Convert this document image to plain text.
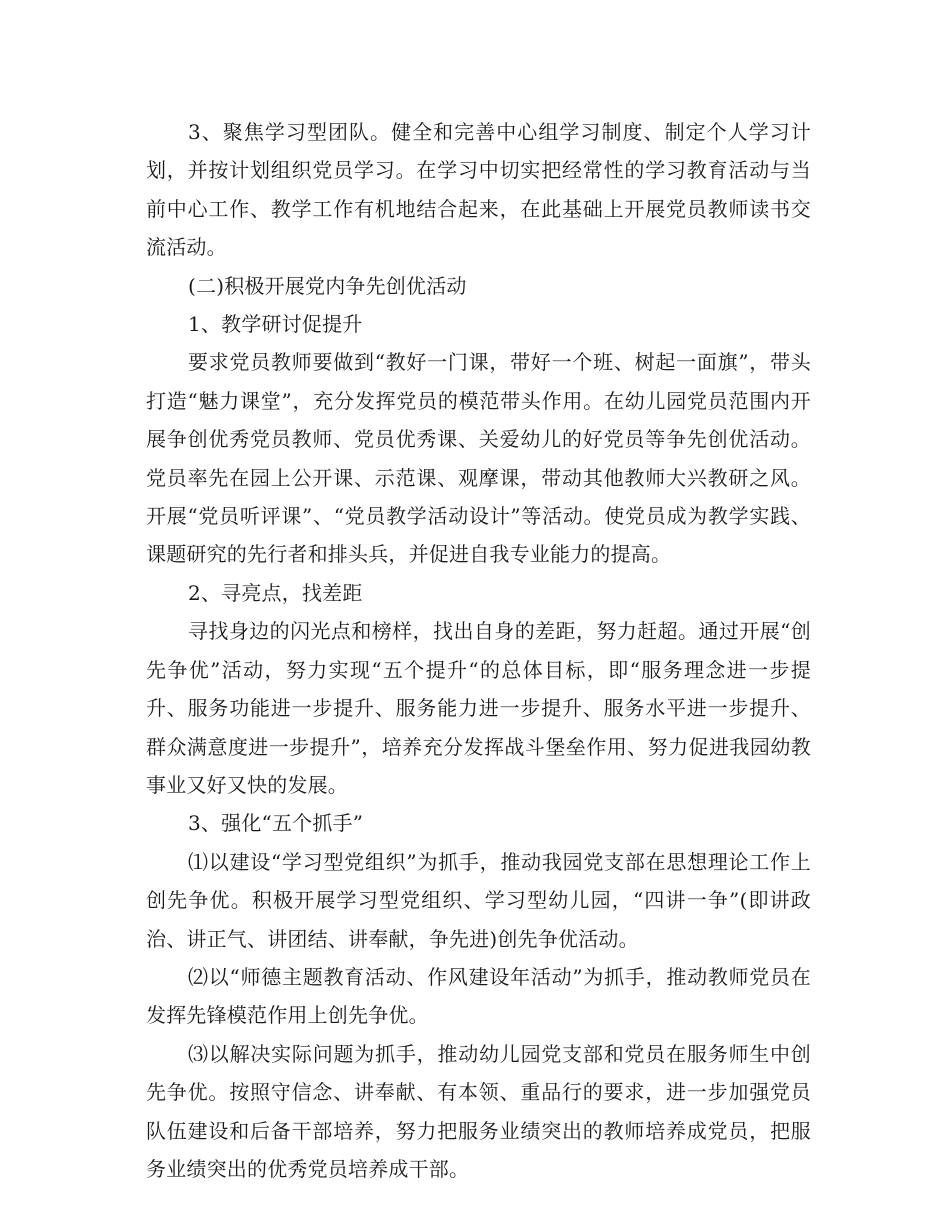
3、聚焦学习型团队。健全和完善中心组学习制度、制定个人学习计划，并按计划组织党员学习。在学习中切实把经常性的学习教育活动与当前中心工作、教学工作有机地结合起来，在此基础上开展党员教师读书交流活动。

(二)积极开展党内争先创优活动

1、教学研讨促提升

要求党员教师要做到“教好一门课，带好一个班、树起一面旗”，带头打造“魅力课堂”，充分发挥党员的模范带头作用。在幼儿园党员范围内开展争创优秀党员教师、党员优秀课、关爱幼儿的好党员等争先创优活动。党员率先在园上公开课、示范课、观摩课，带动其他教师大兴教研之风。开展“党员听评课”、“党员教学活动设计”等活动。使党员成为教学实践、课题研究的先行者和排头兵，并促进自我专业能力的提高。

2、寻亮点，找差距

寻找身边的闪光点和榜样，找出自身的差距，努力赶超。通过开展“创先争优”活动，努力实现“五个提升“的总体目标，即“服务理念进一步提升、服务功能进一步提升、服务能力进一步提升、服务水平进一步提升、群众满意度进一步提升”，培养充分发挥战斗堡垒作用、努力促进我园幼教事业又好又快的发展。

3、强化“五个抓手”

⑴以建设“学习型党组织”为抓手，推动我园党支部在思想理论工作上创先争优。积极开展学习型党组织、学习型幼儿园，“四讲一争”(即讲政治、讲正气、讲团结、讲奉献，争先进)创先争优活动。

⑵以“师德主题教育活动、作风建设年活动”为抓手，推动教师党员在发挥先锋模范作用上创先争优。

⑶以解决实际问题为抓手，推动幼儿园党支部和党员在服务师生中创先争优。按照守信念、讲奉献、有本领、重品行的要求，进一步加强党员队伍建设和后备干部培养，努力把服务业绩突出的教师培养成党员，把服务业绩突出的优秀党员培养成干部。
